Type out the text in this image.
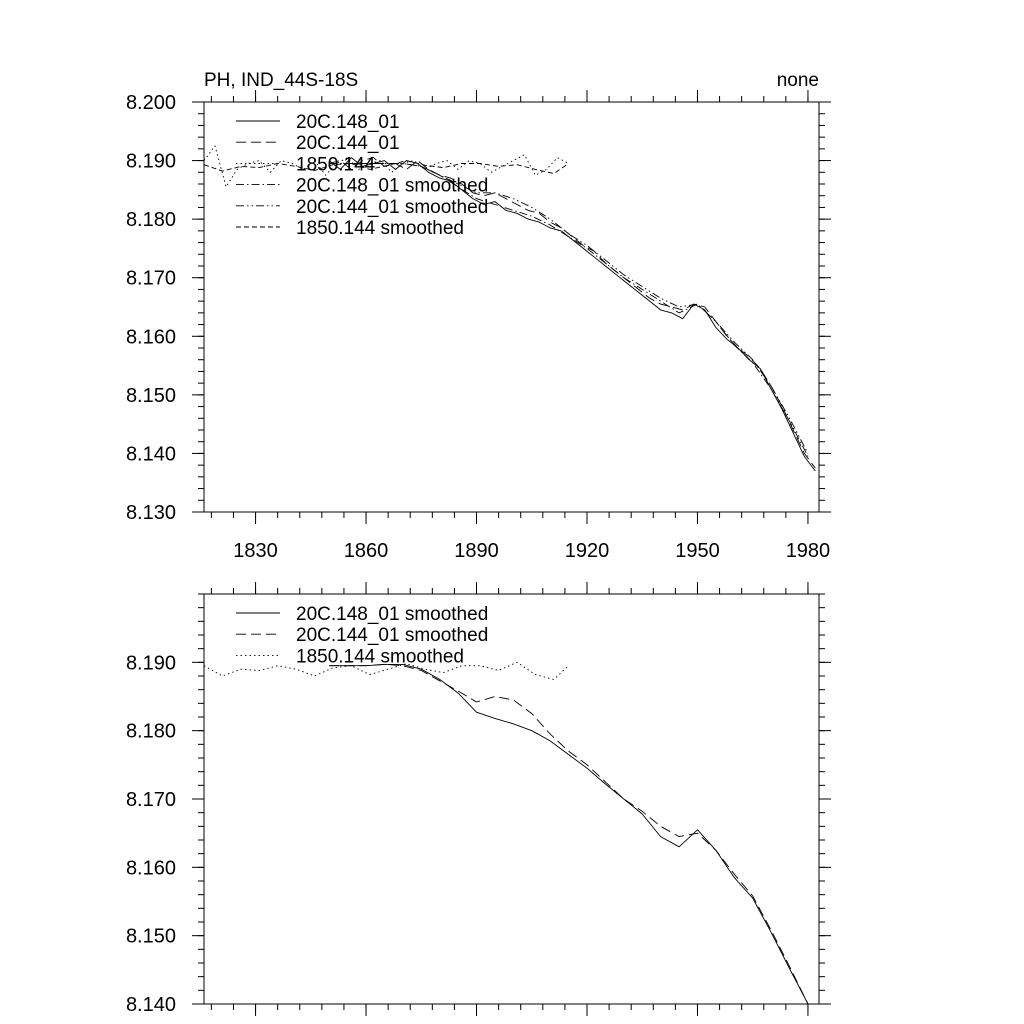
PH, IND_44S-18S	none
1830	1860	1890	1920	1950	1980
8.130
8.140
8.150
8.160
8.170
8.180
8.190
8.200
20C.148_01
20C.144_01
1850.144
20C.148_01 smoothed
20C.144_01 smoothed
1850.144 smoothed
8.140
8.150
8.160
8.170
8.180
8.190
20C.148_01 smoothed
20C.144_01 smoothed
1850.144 smoothed
